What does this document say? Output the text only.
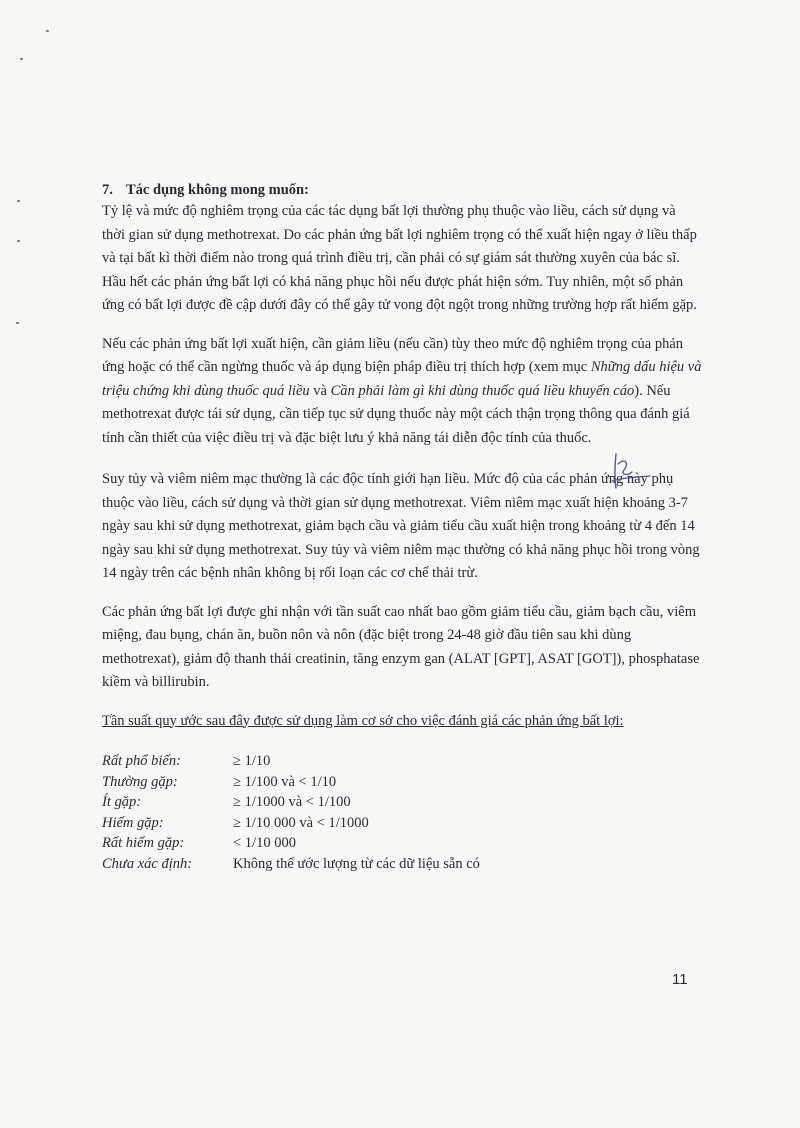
7. Tác dụng không mong muốn:

Tỷ lệ và mức độ nghiêm trọng của các tác dụng bất lợi thường phụ thuộc vào liều, cách sử dụng và thời gian sử dụng methotrexat. Do các phản ứng bất lợi nghiêm trọng có thể xuất hiện ngay ở liều thấp và tại bất kì thời điểm nào trong quá trình điều trị, cần phải có sự giám sát thường xuyên của bác sĩ. Hầu hết các phản ứng bất lợi có khả năng phục hồi nếu được phát hiện sớm. Tuy nhiên, một số phản ứng có bất lợi được đề cập dưới đây có thể gây tử vong đột ngột trong những trường hợp rất hiếm gặp.

Nếu các phản ứng bất lợi xuất hiện, cần giảm liều (nếu cần) tùy theo mức độ nghiêm trọng của phản ứng hoặc có thể cần ngừng thuốc và áp dụng biện pháp điều trị thích hợp (xem mục Những dấu hiệu và triệu chứng khi dùng thuốc quá liều và Cần phải làm gì khi dùng thuốc quá liều khuyến cáo). Nếu methotrexat được tái sử dụng, cần tiếp tục sử dụng thuốc này một cách thận trọng thông qua đánh giá tính cần thiết của việc điều trị và đặc biệt lưu ý khả năng tái diễn độc tính của thuốc.

Suy tủy và viêm niêm mạc thường là các độc tính giới hạn liều. Mức độ của các phản ứng này phụ thuộc vào liều, cách sử dụng và thời gian sử dụng methotrexat. Viêm niêm mạc xuất hiện khoảng 3-7 ngày sau khi sử dụng methotrexat, giảm bạch cầu và giảm tiểu cầu xuất hiện trong khoảng từ 4 đến 14 ngày sau khi sử dụng methotrexat. Suy tủy và viêm niêm mạc thường có khả năng phục hồi trong vòng 14 ngày trên các bệnh nhân không bị rối loạn các cơ chế thải trừ.

Các phản ứng bất lợi được ghi nhận với tần suất cao nhất bao gồm giảm tiểu cầu, giảm bạch cầu, viêm miệng, đau bụng, chán ăn, buồn nôn và nôn (đặc biệt trong 24-48 giờ đầu tiên sau khi dùng methotrexat), giảm độ thanh thải creatinin, tăng enzym gan (ALAT [GPT], ASAT [GOT]), phosphatase kiềm và billirubin.

Tần suất quy ước sau đây được sử dụng làm cơ sở cho việc đánh giá các phản ứng bất lợi:

Rất phổ biến:	≥ 1/10
Thường gặp:	≥ 1/100 và < 1/10
Ít gặp:	≥ 1/1000 và < 1/100
Hiếm gặp:	≥ 1/10 000 và < 1/1000
Rất hiếm gặp:	< 1/10 000
Chưa xác định:	Không thể ước lượng từ các dữ liệu sẵn có
11
